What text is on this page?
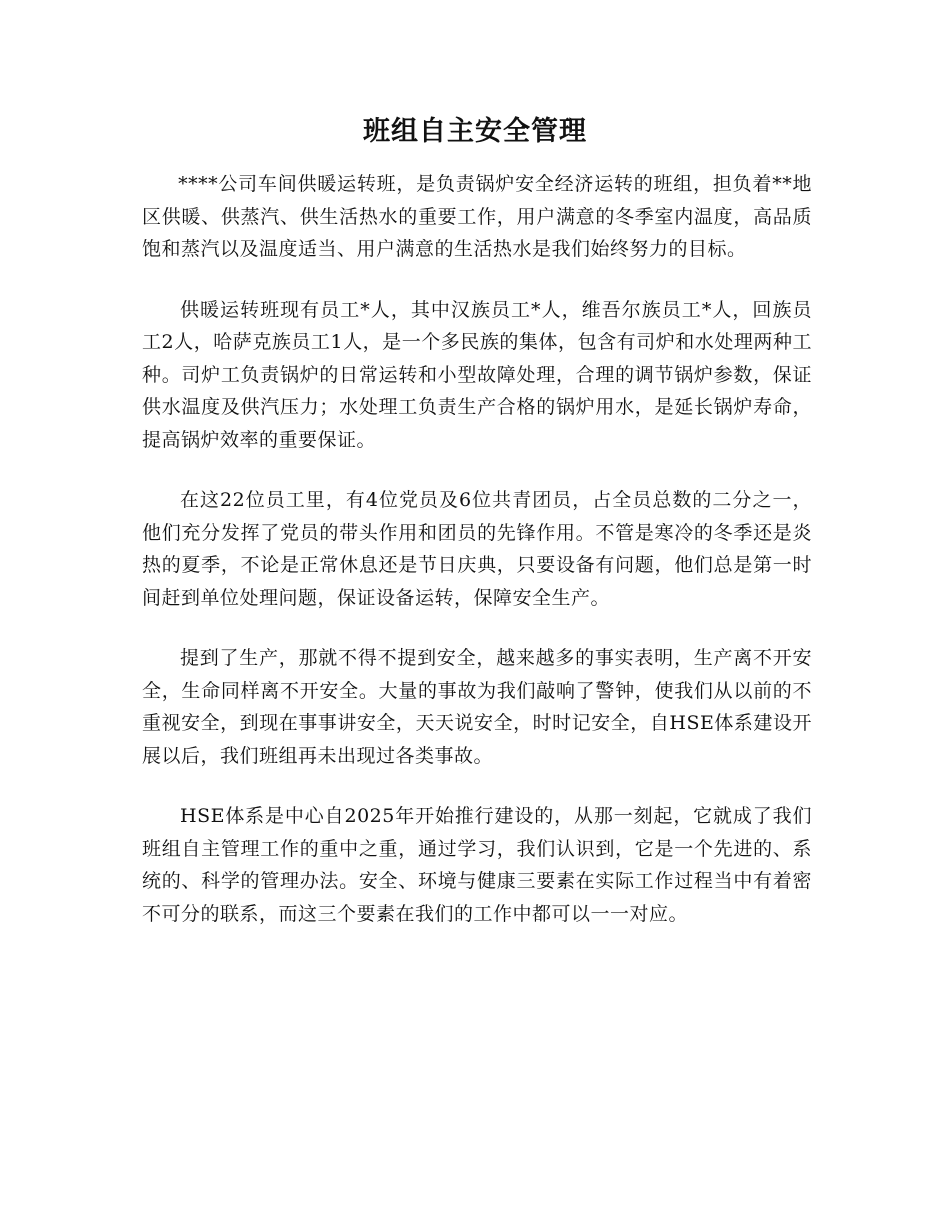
班组自主安全管理

****公司车间供暖运转班，是负责锅炉安全经济运转的班组，担负着**地区供暖、供蒸汽、供生活热水的重要工作，用户满意的冬季室内温度，高品质饱和蒸汽以及温度适当、用户满意的生活热水是我们始终努力的目标。

供暖运转班现有员工*人，其中汉族员工*人，维吾尔族员工*人，回族员工2人，哈萨克族员工1人，是一个多民族的集体，包含有司炉和水处理两种工种。司炉工负责锅炉的日常运转和小型故障处理，合理的调节锅炉参数，保证供水温度及供汽压力；水处理工负责生产合格的锅炉用水，是延长锅炉寿命，提高锅炉效率的重要保证。

在这22位员工里，有4位党员及6位共青团员，占全员总数的二分之一，他们充分发挥了党员的带头作用和团员的先锋作用。不管是寒冷的冬季还是炎热的夏季，不论是正常休息还是节日庆典，只要设备有问题，他们总是第一时间赶到单位处理问题，保证设备运转，保障安全生产。

提到了生产，那就不得不提到安全，越来越多的事实表明，生产离不开安全，生命同样离不开安全。大量的事故为我们敲响了警钟，使我们从以前的不重视安全，到现在事事讲安全，天天说安全，时时记安全，自HSE体系建设开展以后，我们班组再未出现过各类事故。

HSE体系是中心自2025年开始推行建设的，从那一刻起，它就成了我们班组自主管理工作的重中之重，通过学习，我们认识到，它是一个先进的、系统的、科学的管理办法。安全、环境与健康三要素在实际工作过程当中有着密不可分的联系，而这三个要素在我们的工作中都可以一一对应。
